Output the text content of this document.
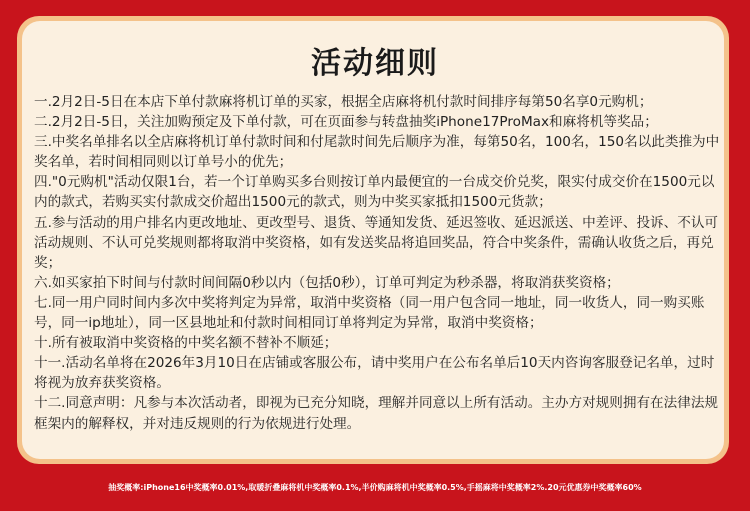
活动细则
一.2月2日-5日在本店下单付款麻将机订单的买家，根据全店麻将机付款时间排序每第50名享0元购机；
二.2月2日-5日，关注加购预定及下单付款，可在页面参与转盘抽奖iPhone17ProMax和麻将机等奖品；
三.中奖名单排名以全店麻将机订单付款时间和付尾款时间先后顺序为准，每第50名，100名，150名以此类推为中奖名单，若时间相同则以订单号小的优先；
四."0元购机"活动仅限1台，若一个订单购买多台则按订单内最便宜的一台成交价兑奖，限实付成交价在1500元以内的款式，若购买实付款成交价超出1500元的款式，则为中奖买家抵扣1500元货款；
五.参与活动的用户排名内更改地址、更改型号、退货、等通知发货、延迟签收、延迟派送、中差评、投诉、不认可活动规则、不认可兑奖规则都将取消中奖资格，如有发送奖品将追回奖品，符合中奖条件，需确认收货之后，再兑奖；
六.如买家拍下时间与付款时间间隔0秒以内（包括0秒），订单可判定为秒杀器，将取消获奖资格；
七.同一用户同时间内多次中奖将判定为异常，取消中奖资格（同一用户包含同一地址，同一收货人，同一购买账号，同一ip地址），同一区县地址和付款时间相同订单将判定为异常，取消中奖资格；
十.所有被取消中奖资格的中奖名额不替补不顺延；
十一.活动名单将在2026年3月10日在店铺或客服公布，请中奖用户在公布名单后10天内咨询客服登记名单，过时将视为放弃获奖资格。
十二.同意声明：凡参与本次活动者，即视为已充分知晓，理解并同意以上所有活动。主办方对规则拥有在法律法规框架内的解释权，并对违反规则的行为依规进行处理。
抽奖概率:iPhone16中奖概率0.01%,取暖折叠麻将机中奖概率0.1%,半价购麻将机中奖概率0.5%,手摇麻将中奖概率2%.20元优惠券中奖概率60%
